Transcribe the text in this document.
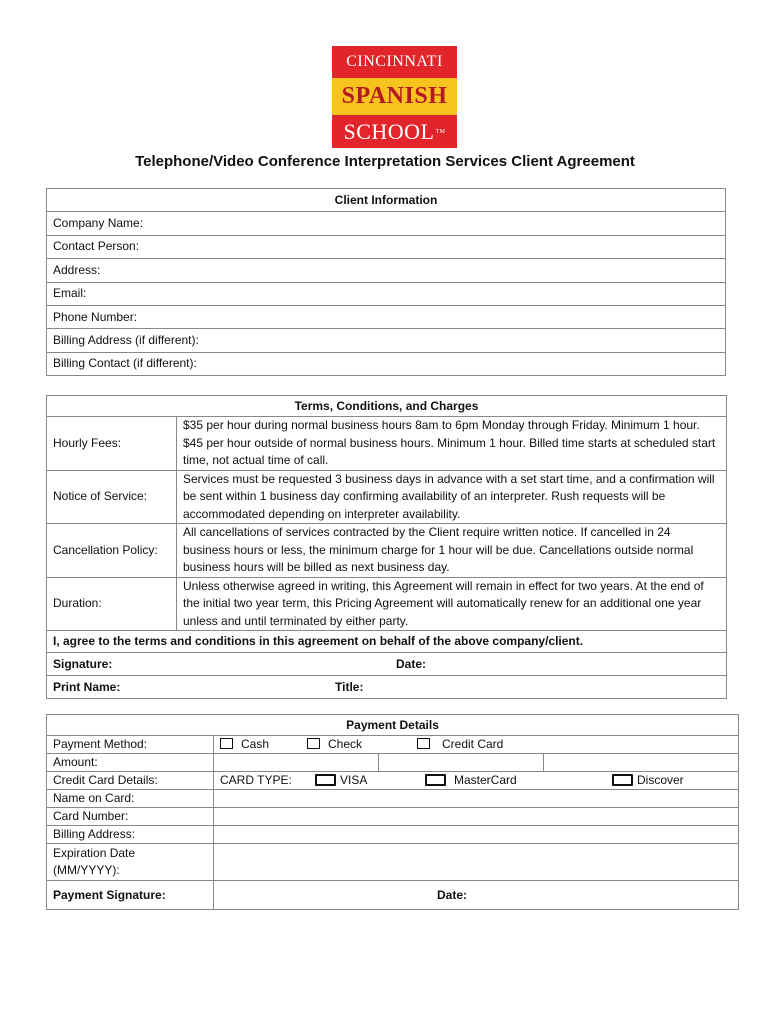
CINCINNATI
SPANISH
SCHOOL TM
Telephone/Video Conference Interpretation Services Client Agreement
Client Information
Company Name:
Contact Person:
Address:
Email:
Phone Number:
Billing Address (if different):
Billing Contact (if different):
Terms, Conditions, and Charges	
Hourly Fees:	$35 per hour during normal business hours 8am to 6pm Monday through Friday. Minimum 1 hour. $45 per hour outside of normal business hours. Minimum 1 hour. Billed time starts at scheduled start time, not actual time of call.
Notice of Service:	Services must be requested 3 business days in advance with a set start time, and a confirmation will be sent within 1 business day confirming availability of an interpreter. Rush requests will be accommodated depending on interpreter availability.
Cancellation Policy:	All cancellations of services contracted by the Client require written notice. If cancelled in 24 business hours or less, the minimum charge for 1 hour will be due. Cancellations outside normal business hours will be billed as next business day.
Duration:	Unless otherwise agreed in writing, this Agreement will remain in effect for two years. At the end of the initial two year term, this Pricing Agreement will automatically renew for an additional one year unless and until terminated by either party.
I, agree to the terms and conditions in this agreement on behalf of the above company/client.	

Signature: Date:	

Print Name: Title:	
Payment Details			
Payment Method:	Cash Check Credit Card		

Amount:			
Credit Card Details:	CARD TYPE: VISA MasterCard Discover		

Name on Card:			
Card Number:			
Billing Address:			

Expiration Date
(MM/YYYY):			

Payment Signature:	Date:		
